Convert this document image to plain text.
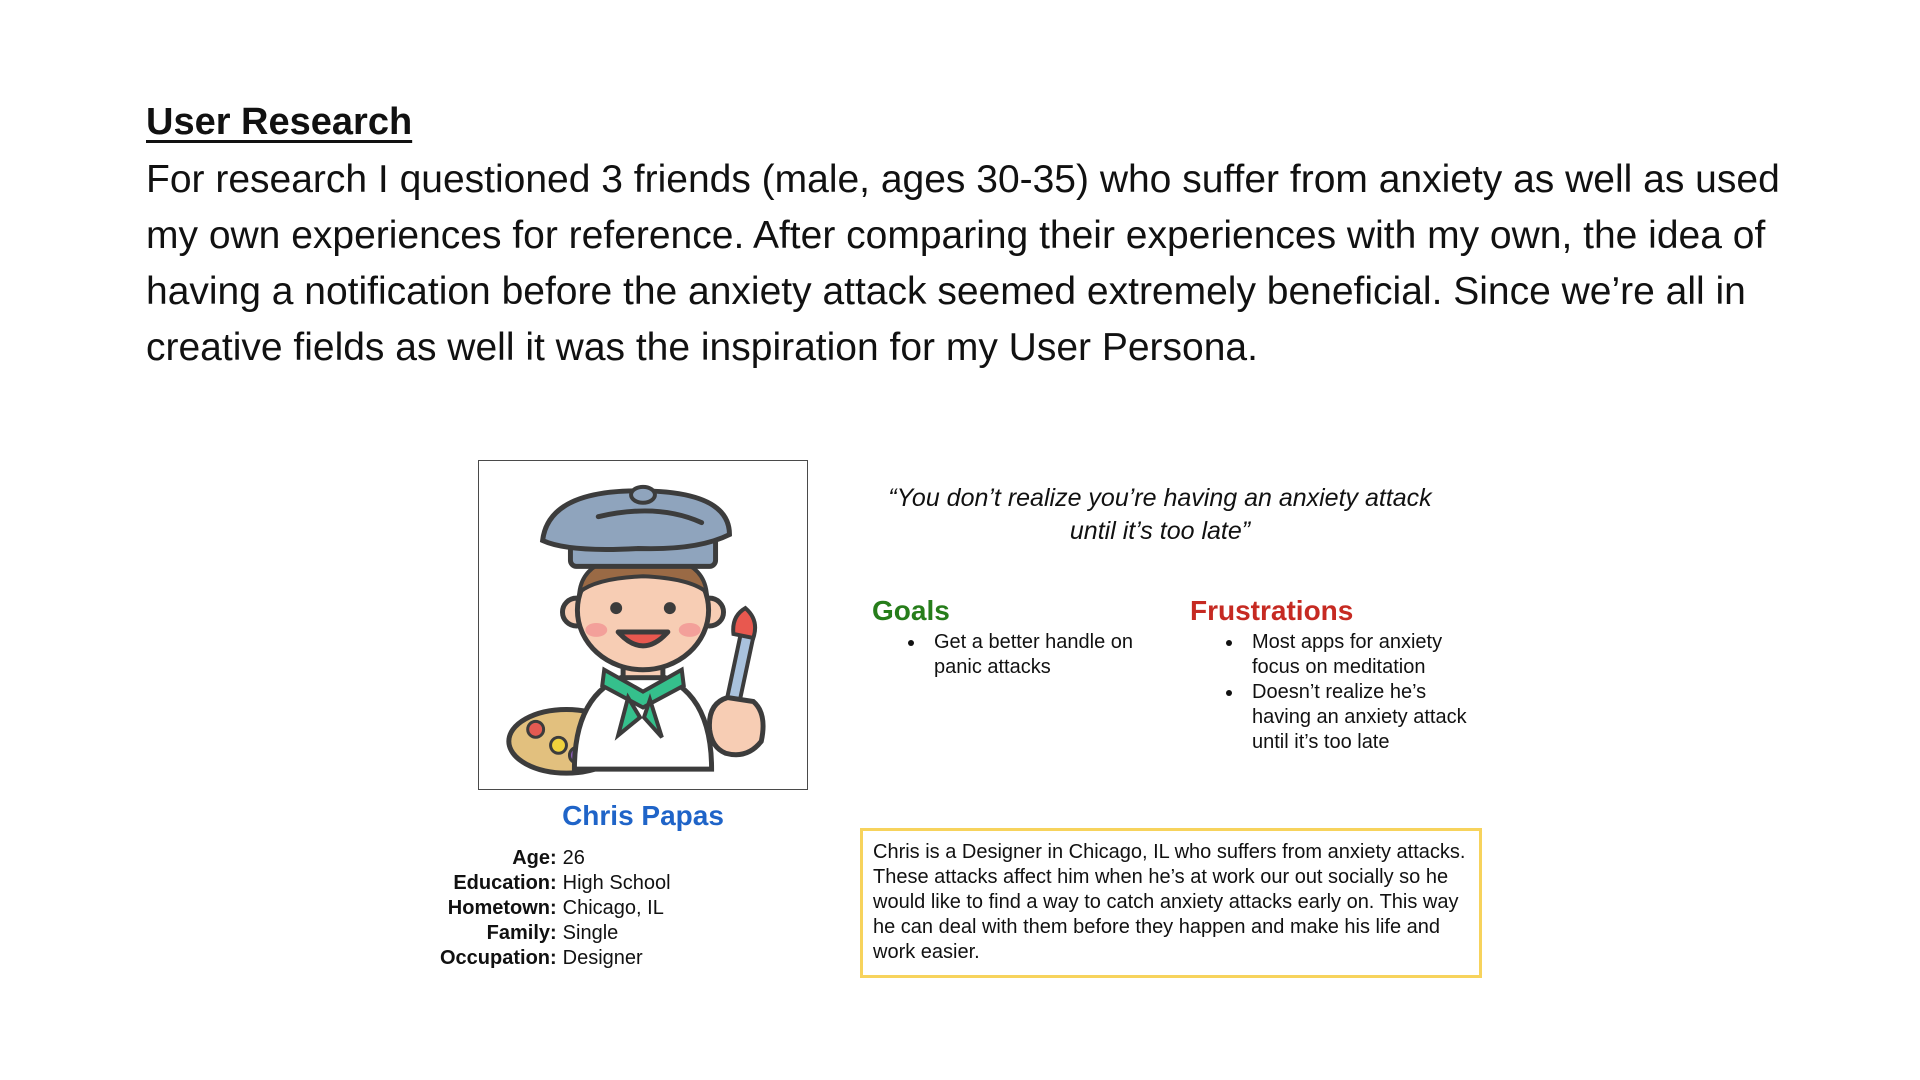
User Research

For research I questioned 3 friends (male, ages 30-35) who suffer from anxiety as well as used my own experiences for reference. After comparing their experiences with my own, the idea of having a notification before the anxiety attack seemed extremely beneficial. Since we’re all in creative fields as well it was the inspiration for my User Persona.

Chris Papas
Age:	26
Education:	High School
Hometown:	Chicago, IL
Family:	Single
Occupation:	Designer

“You don’t realize you’re having an anxiety attack until it’s too late”

Goals
• Get a better handle on panic attacks
Frustrations
• Most apps for anxiety focus on meditation
• Doesn’t realize he’s having an anxiety attack until it’s too late

Chris is a Designer in Chicago, IL who suffers from anxiety attacks. These attacks affect him when he’s at work our out socially so he would like to find a way to catch anxiety attacks early on. This way he can deal with them before they happen and make his life and work easier.
